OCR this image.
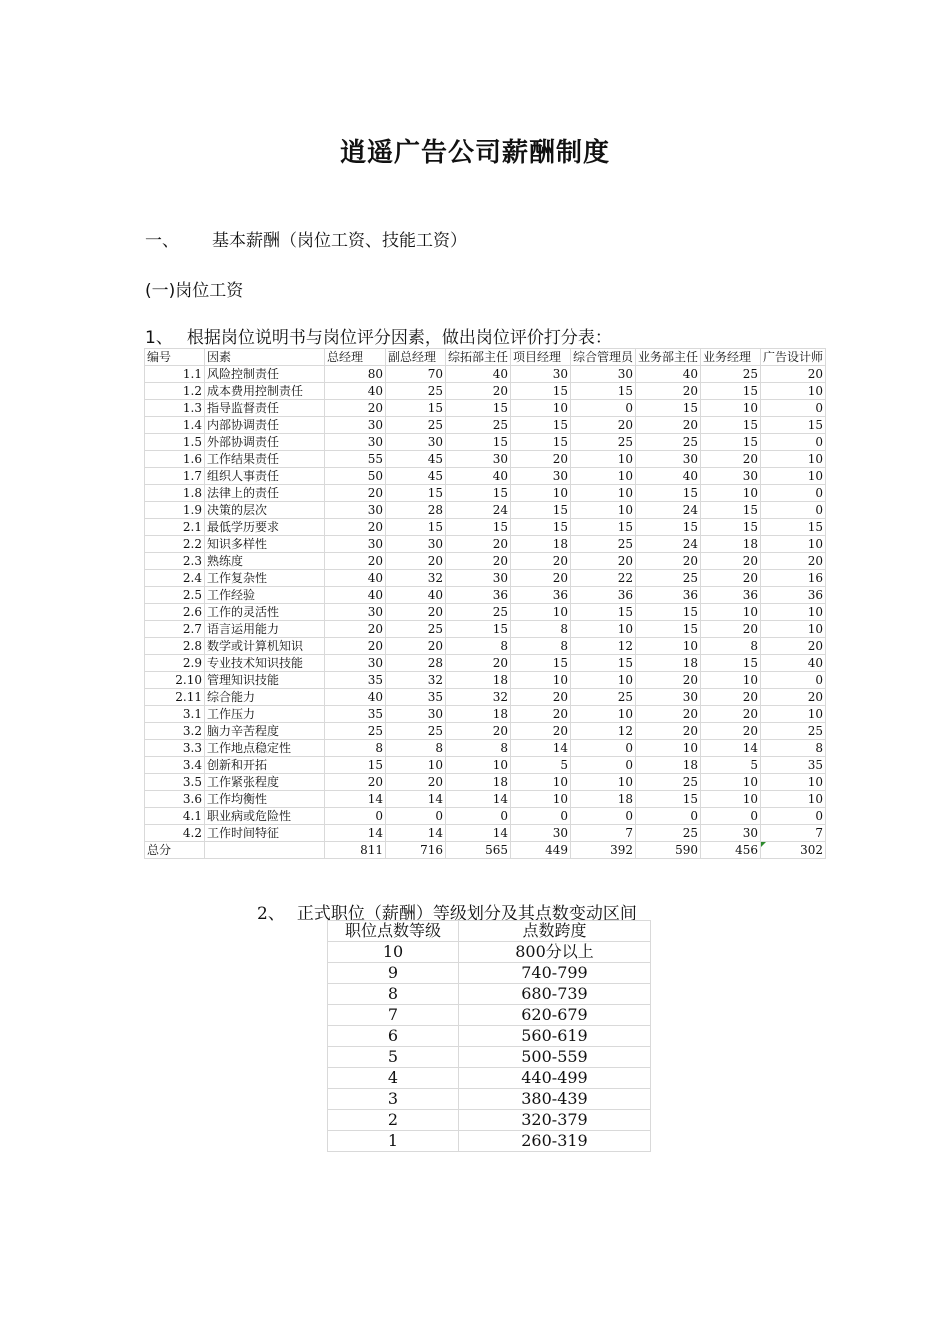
逍遥广告公司薪酬制度
一、 基本薪酬（岗位工资、技能工资）
(一)岗位工资
1、 根据岗位说明书与岗位评分因素，做出岗位评价打分表：
编号	因素	总经理	副总经理	综拓部主任	项目经理	综合管理员	业务部主任	业务经理	广告设计师
1.1	风险控制责任	80	70	40	30	30	40	25	20
1.2	成本费用控制责任	40	25	20	15	15	20	15	10
1.3	指导监督责任	20	15	15	10	0	15	10	0
1.4	内部协调责任	30	25	25	15	20	20	15	15
1.5	外部协调责任	30	30	15	15	25	25	15	0
1.6	工作结果责任	55	45	30	20	10	30	20	10
1.7	组织人事责任	50	45	40	30	10	40	30	10
1.8	法律上的责任	20	15	15	10	10	15	10	0
1.9	决策的层次	30	28	24	15	10	24	15	0
2.1	最低学历要求	20	15	15	15	15	15	15	15
2.2	知识多样性	30	30	20	18	25	24	18	10
2.3	熟练度	20	20	20	20	20	20	20	20
2.4	工作复杂性	40	32	30	20	22	25	20	16
2.5	工作经验	40	40	36	36	36	36	36	36
2.6	工作的灵活性	30	20	25	10	15	15	10	10
2.7	语言运用能力	20	25	15	8	10	15	20	10
2.8	数学或计算机知识	20	20	8	8	12	10	8	20
2.9	专业技术知识技能	30	28	20	15	15	18	15	40
2.10	管理知识技能	35	32	18	10	10	20	10	0
2.11	综合能力	40	35	32	20	25	30	20	20
3.1	工作压力	35	30	18	20	10	20	20	10
3.2	脑力辛苦程度	25	25	20	20	12	20	20	25
3.3	工作地点稳定性	8	8	8	14	0	10	14	8
3.4	创新和开拓	15	10	10	5	0	18	5	35
3.5	工作紧张程度	20	20	18	10	10	25	10	10
3.6	工作均衡性	14	14	14	10	18	15	10	10
4.1	职业病或危险性	0	0	0	0	0	0	0	0
4.2	工作时间特征	14	14	14	30	7	25	30	7
总分		811	716	565	449	392	590	456	302
2、 正式职位（薪酬）等级划分及其点数变动区间
职位点数等级	点数跨度
10	800分以上
9	740-799
8	680-739
7	620-679
6	560-619
5	500-559
4	440-499
3	380-439
2	320-379
1	260-319
